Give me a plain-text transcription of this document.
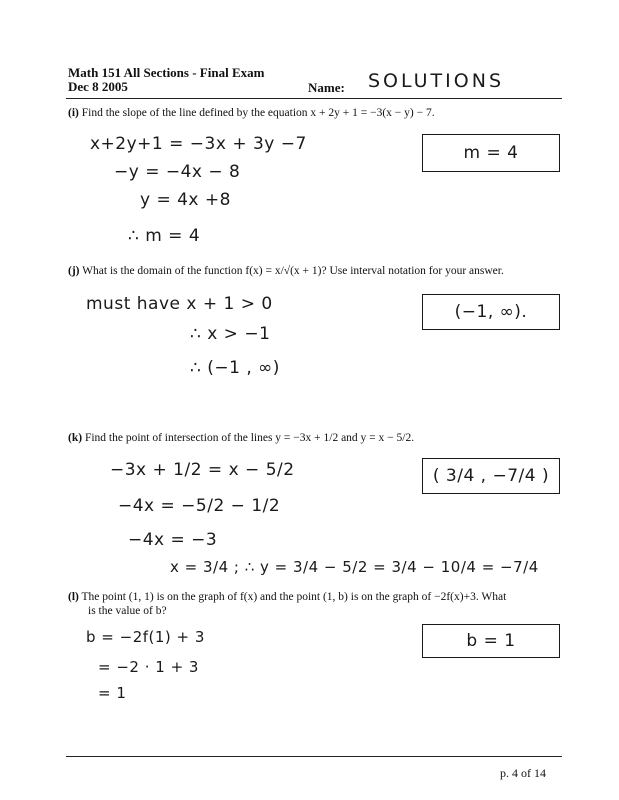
Math 151 All Sections - Final Exam
Dec 8 2005	Name: SOLUTIONS
(i) Find the slope of the line defined by the equation x + 2y + 1 = −3(x − y) − 7.
x+2y+1 = −3x + 3y −7
−y = −4x − 8
y = 4x +8
∴ m = 4
m = 4
(j) What is the domain of the function f(x) = x/√(x + 1)? Use interval notation for your answer.
must have x + 1 > 0
∴ x > −1
∴ (−1 , ∞)
(−1, ∞).
(k) Find the point of intersection of the lines y = −3x + 1/2 and y = x − 5/2.
−3x + 1/2 = x − 5/2
−4x = −5/2 − 1/2
−4x = −3
x = 3/4 ; ∴ y = 3/4 − 5/2 = 3/4 − 10/4 = −7/4
( 3/4 , −7/4 )
(l) The point (1, 1) is on the graph of f(x) and the point (1, b) is on the graph of −2f(x)+3. What
is the value of b?
b = −2f(1) + 3
= −2 · 1 + 3
= 1
b = 1
p. 4 of 14
